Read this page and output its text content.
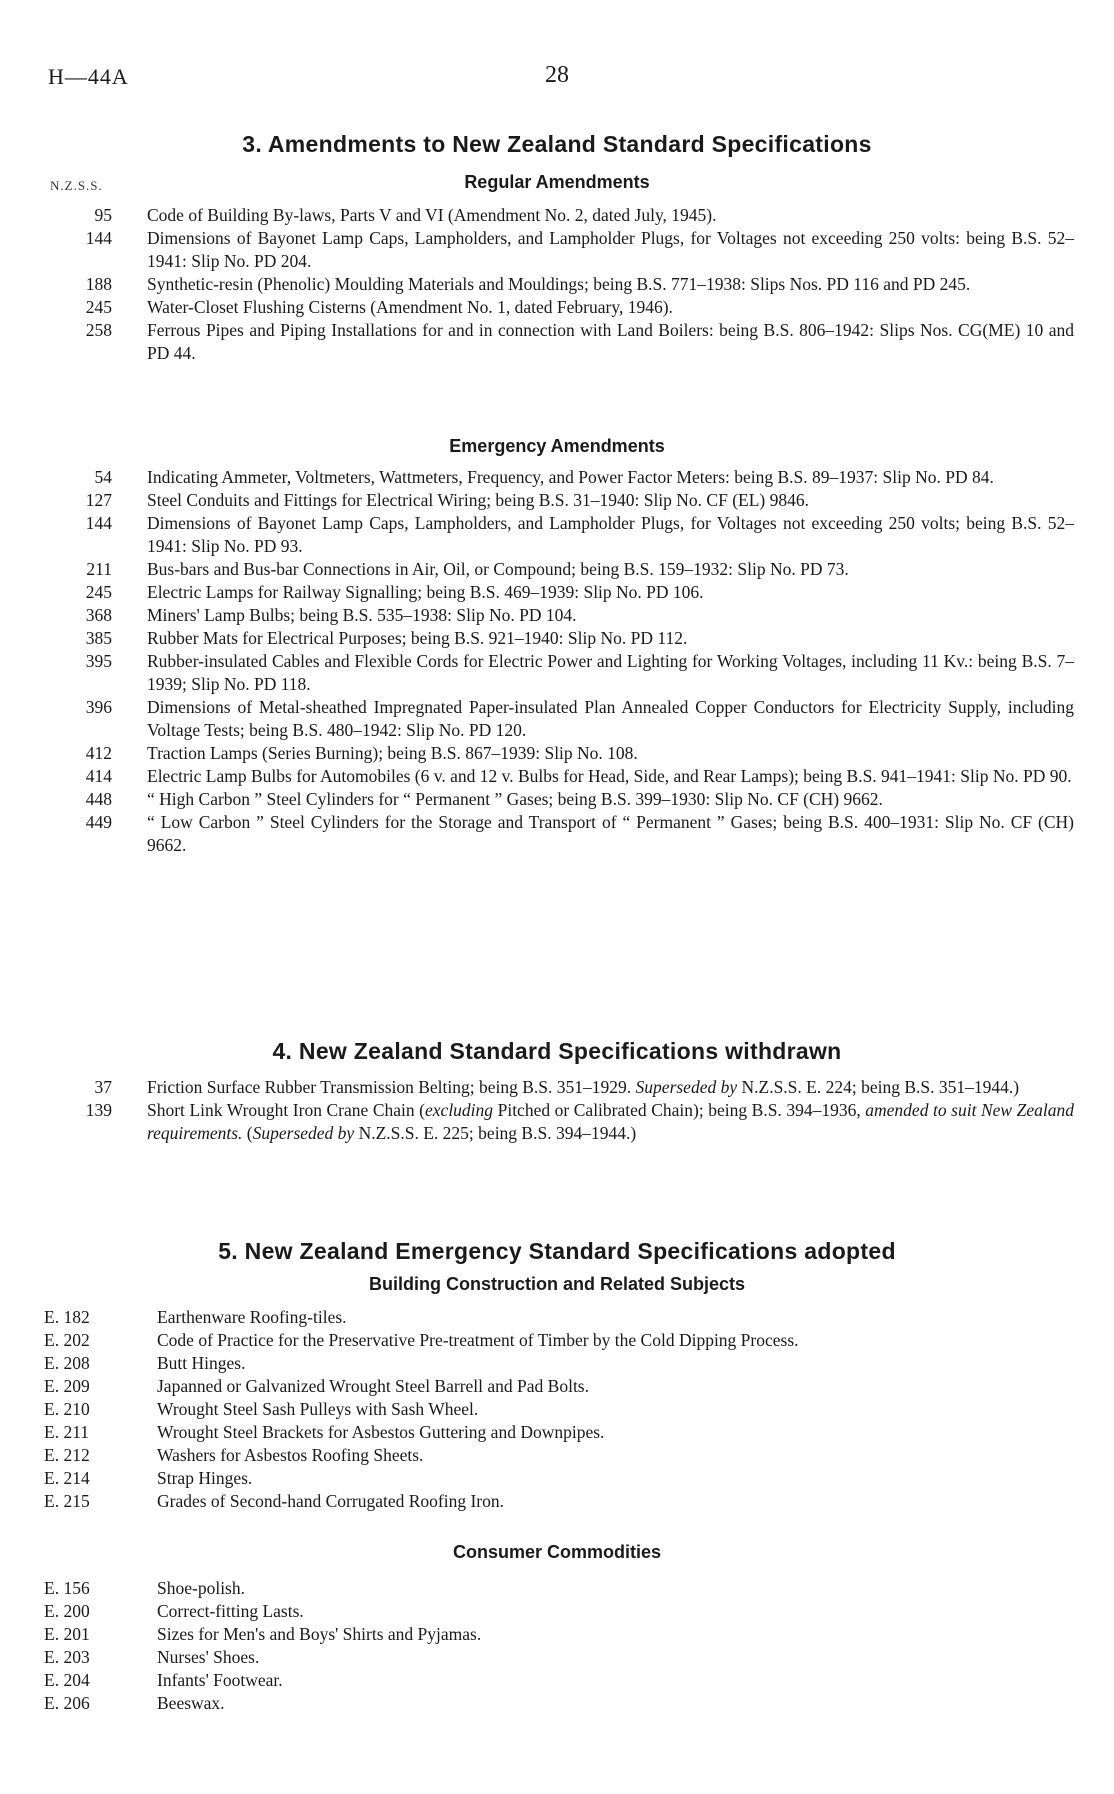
H—44A	28
3. Amendments to New Zealand Standard Specifications
N.Z.S.S.	Regular Amendments
95 Code of Building By-laws, Parts V and VI (Amendment No. 2, dated July, 1945).
144 Dimensions of Bayonet Lamp Caps, Lampholders, and Lampholder Plugs, for Voltages not exceeding 250 volts: being B.S. 52–1941: Slip No. PD 204.
188 Synthetic-resin (Phenolic) Moulding Materials and Mouldings; being B.S. 771–1938: Slips Nos. PD 116 and PD 245.
245 Water-Closet Flushing Cisterns (Amendment No. 1, dated February, 1946).
258 Ferrous Pipes and Piping Installations for and in connection with Land Boilers: being B.S. 806–1942: Slips Nos. CG(ME) 10 and PD 44.
Emergency Amendments
54 Indicating Ammeter, Voltmeters, Wattmeters, Frequency, and Power Factor Meters: being B.S. 89–1937: Slip No. PD 84.
127 Steel Conduits and Fittings for Electrical Wiring; being B.S. 31–1940: Slip No. CF (EL) 9846.
144 Dimensions of Bayonet Lamp Caps, Lampholders, and Lampholder Plugs, for Voltages not exceeding 250 volts; being B.S. 52–1941: Slip No. PD 93.
211 Bus-bars and Bus-bar Connections in Air, Oil, or Compound; being B.S. 159–1932: Slip No. PD 73.
245 Electric Lamps for Railway Signalling; being B.S. 469–1939: Slip No. PD 106.
368 Miners' Lamp Bulbs; being B.S. 535–1938: Slip No. PD 104.
385 Rubber Mats for Electrical Purposes; being B.S. 921–1940: Slip No. PD 112.
395 Rubber-insulated Cables and Flexible Cords for Electric Power and Lighting for Working Voltages, including 11 Kv.: being B.S. 7–1939; Slip No. PD 118.
396 Dimensions of Metal-sheathed Impregnated Paper-insulated Plan Annealed Copper Conductors for Electricity Supply, including Voltage Tests; being B.S. 480–1942: Slip No. PD 120.
412 Traction Lamps (Series Burning); being B.S. 867–1939: Slip No. 108.
414 Electric Lamp Bulbs for Automobiles (6 v. and 12 v. Bulbs for Head, Side, and Rear Lamps); being B.S. 941–1941: Slip No. PD 90.
448 “ High Carbon ” Steel Cylinders for “ Permanent ” Gases; being B.S. 399–1930: Slip No. CF (CH) 9662.
449 “ Low Carbon ” Steel Cylinders for the Storage and Transport of “ Permanent ” Gases; being B.S. 400–1931: Slip No. CF (CH) 9662.
4. New Zealand Standard Specifications withdrawn
37 Friction Surface Rubber Transmission Belting; being B.S. 351–1929. Superseded by N.Z.S.S. E. 224; being B.S. 351–1944.)
139 Short Link Wrought Iron Crane Chain (excluding Pitched or Calibrated Chain); being B.S. 394–1936, amended to suit New Zealand requirements. (Superseded by N.Z.S.S. E. 225; being B.S. 394–1944.)
5. New Zealand Emergency Standard Specifications adopted
Building Construction and Related Subjects
E. 182	Earthenware Roofing-tiles.
E. 202	Code of Practice for the Preservative Pre-treatment of Timber by the Cold Dipping Process.
E. 208	Butt Hinges.
E. 209	Japanned or Galvanized Wrought Steel Barrell and Pad Bolts.
E. 210	Wrought Steel Sash Pulleys with Sash Wheel.
E. 211	Wrought Steel Brackets for Asbestos Guttering and Downpipes.
E. 212	Washers for Asbestos Roofing Sheets.
E. 214	Strap Hinges.
E. 215	Grades of Second-hand Corrugated Roofing Iron.
Consumer Commodities
E. 156	Shoe-polish.
E. 200	Correct-fitting Lasts.
E. 201	Sizes for Men's and Boys' Shirts and Pyjamas.
E. 203	Nurses' Shoes.
E. 204	Infants' Footwear.
E. 206	Beeswax.
